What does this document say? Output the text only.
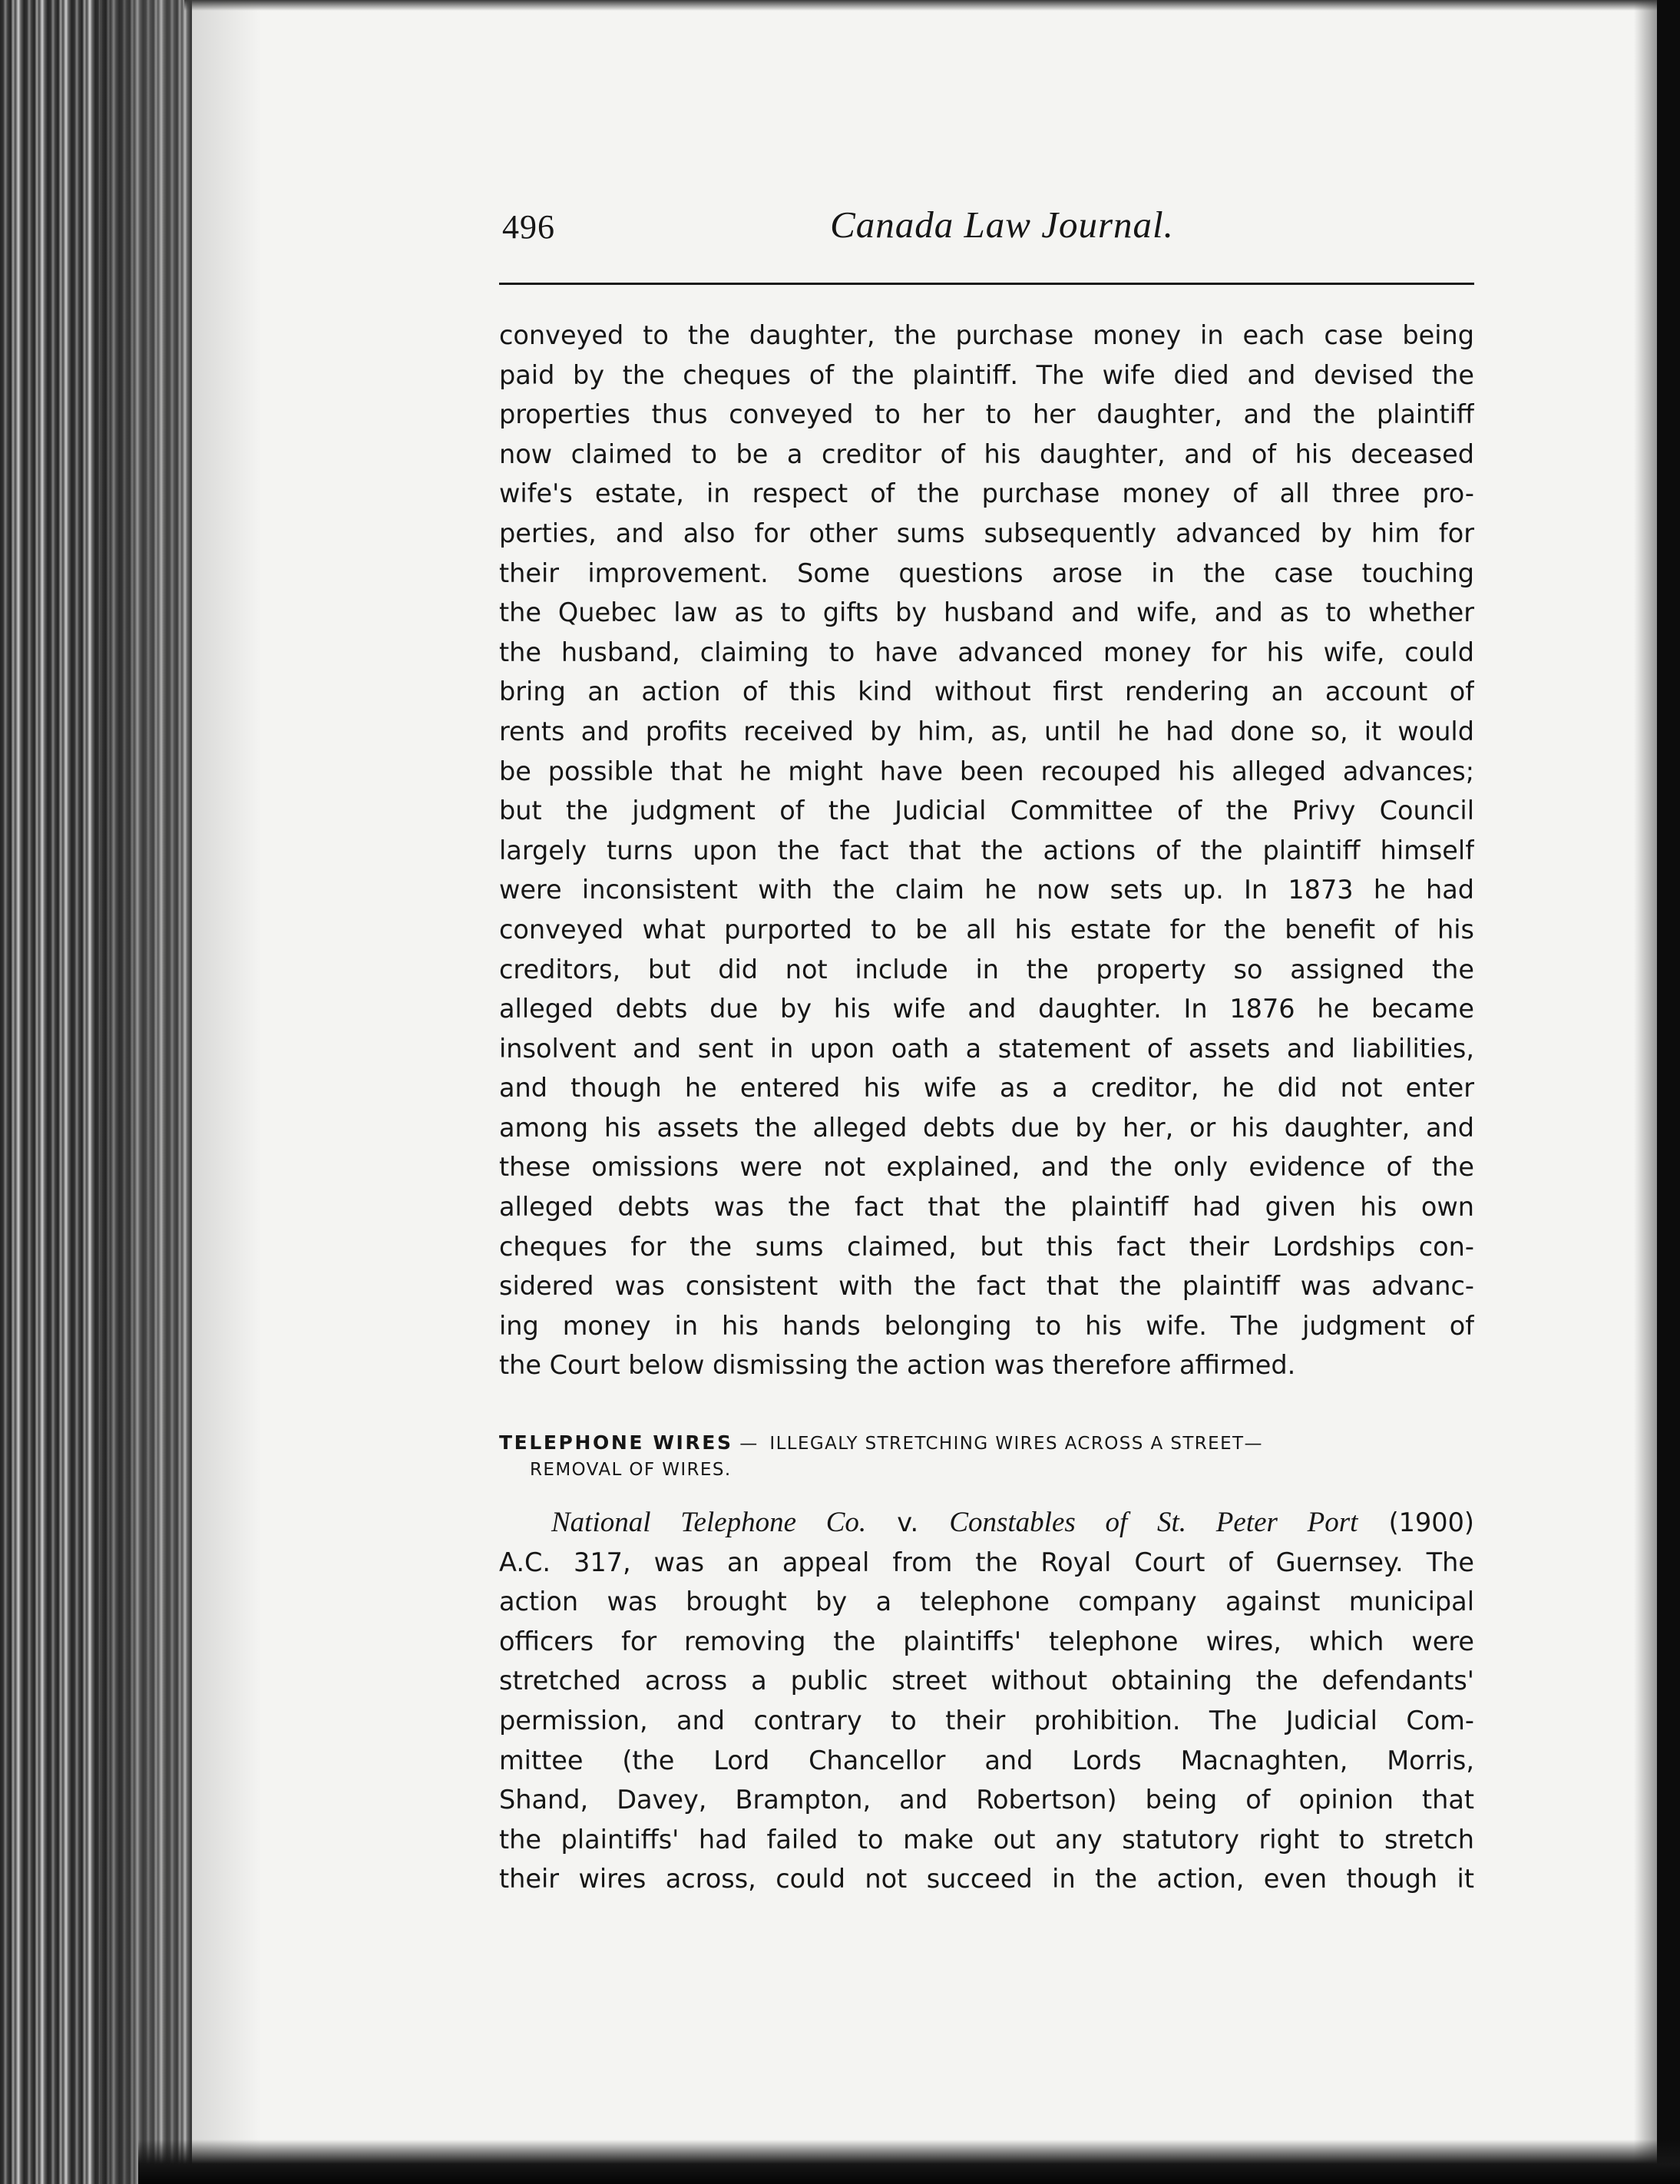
496	Canada Law Journal.
conveyed to the daughter, the purchase money in each case being
paid by the cheques of the plaintiff. The wife died and devised the
properties thus conveyed to her to her daughter, and the plaintiff
now claimed to be a creditor of his daughter, and of his deceased
wife's estate, in respect of the purchase money of all three pro-
perties, and also for other sums subsequently advanced by him for
their improvement. Some questions arose in the case touching
the Quebec law as to gifts by husband and wife, and as to whether
the husband, claiming to have advanced money for his wife, could
bring an action of this kind without first rendering an account of
rents and profits received by him, as, until he had done so, it would
be possible that he might have been recouped his alleged advances;
but the judgment of the Judicial Committee of the Privy Council
largely turns upon the fact that the actions of the plaintiff himself
were inconsistent with the claim he now sets up. In 1873 he had
conveyed what purported to be all his estate for the benefit of his
creditors, but did not include in the property so assigned the
alleged debts due by his wife and daughter. In 1876 he became
insolvent and sent in upon oath a statement of assets and liabilities,
and though he entered his wife as a creditor, he did not enter
among his assets the alleged debts due by her, or his daughter, and
these omissions were not explained, and the only evidence of the
alleged debts was the fact that the plaintiff had given his own
cheques for the sums claimed, but this fact their Lordships con-
sidered was consistent with the fact that the plaintiff was advanc-
ing money in his hands belonging to his wife. The judgment of
the Court below dismissing the action was therefore affirmed.
TELEPHONE WIRES — ILLEGALY STRETCHING WIRES ACROSS A STREET—
REMOVAL OF WIRES.
National Telephone Co. v. Constables of St. Peter Port (1900)
A.C. 317, was an appeal from the Royal Court of Guernsey. The
action was brought by a telephone company against municipal
officers for removing the plaintiffs' telephone wires, which were
stretched across a public street without obtaining the defendants'
permission, and contrary to their prohibition. The Judicial Com-
mittee (the Lord Chancellor and Lords Macnaghten, Morris,
Shand, Davey, Brampton, and Robertson) being of opinion that
the plaintiffs' had failed to make out any statutory right to stretch
their wires across, could not succeed in the action, even though it
